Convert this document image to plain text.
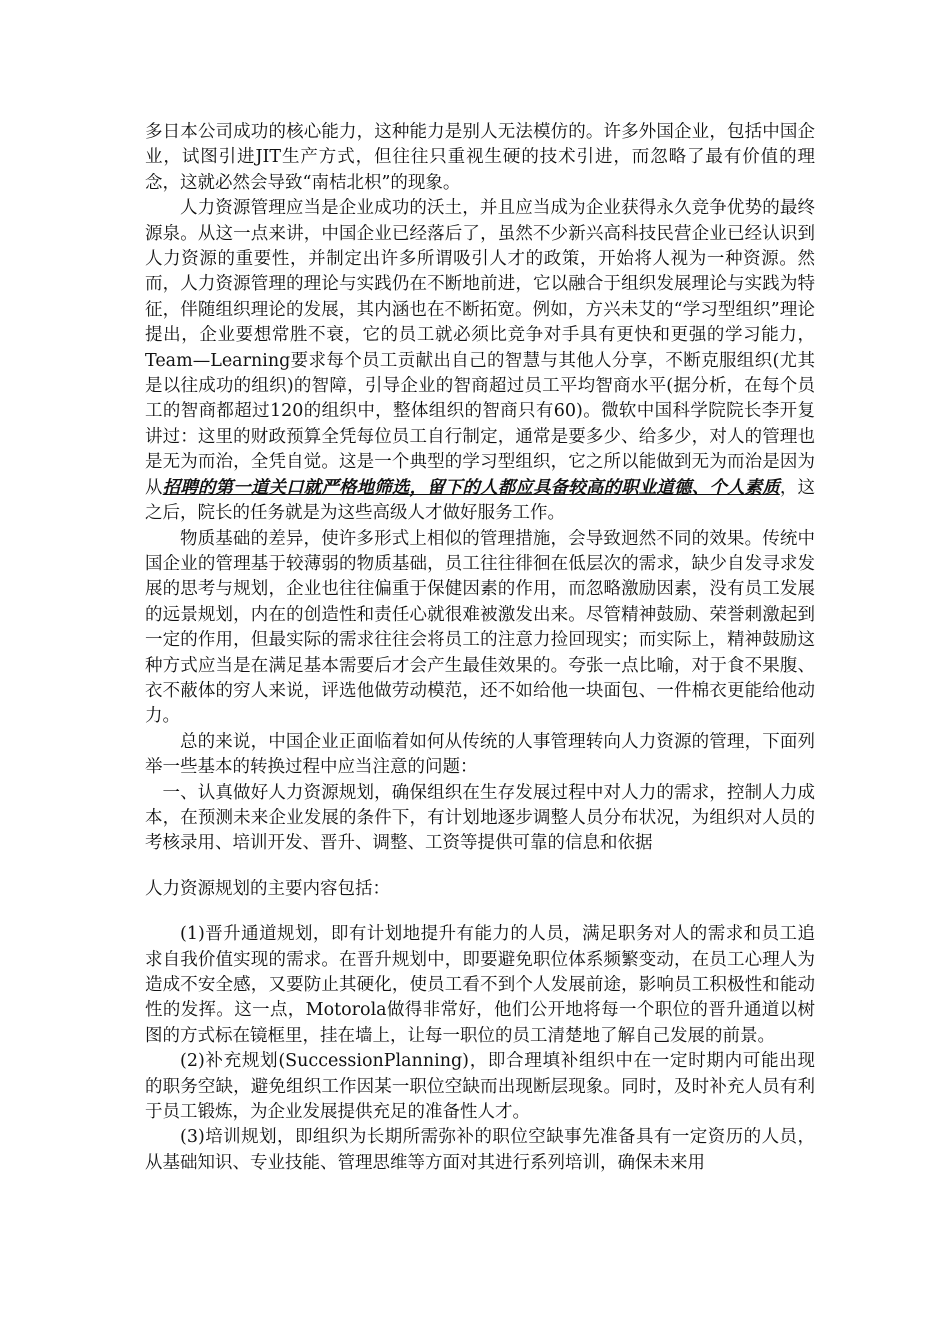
多日本公司成功的核心能力，这种能力是别人无法模仿的。许多外国企业，包括中国企业，试图引进JIT生产方式，但往往只重视生硬的技术引进，而忽略了最有价值的理念，这就必然会导致“南桔北枳”的现象。

人力资源管理应当是企业成功的沃土，并且应当成为企业获得永久竞争优势的最终源泉。从这一点来讲，中国企业已经落后了，虽然不少新兴高科技民营企业已经认识到人力资源的重要性，并制定出许多所谓吸引人才的政策，开始将人视为一种资源。然而，人力资源管理的理论与实践仍在不断地前进，它以融合于组织发展理论与实践为特征，伴随组织理论的发展，其内涵也在不断拓宽。例如，方兴未艾的“学习型组织”理论提出，企业要想常胜不衰，它的员工就必须比竞争对手具有更快和更强的学习能力，Team—Learning要求每个员工贡献出自己的智慧与其他人分享，不断克服组织(尤其是以往成功的组织)的智障，引导企业的智商超过员工平均智商水平(据分析，在每个员工的智商都超过120的组织中，整体组织的智商只有60)。微软中国科学院院长李开复讲过：这里的财政预算全凭每位员工自行制定，通常是要多少、给多少，对人的管理也是无为而治，全凭自觉。这是一个典型的学习型组织，它之所以能做到无为而治是因为从招聘的第一道关口就严格地筛选，留下的人都应具备较高的职业道德、个人素质，这之后，院长的任务就是为这些高级人才做好服务工作。

物质基础的差异，使许多形式上相似的管理措施，会导致迥然不同的效果。传统中国企业的管理基于较薄弱的物质基础，员工往往徘徊在低层次的需求，缺少自发寻求发展的思考与规划，企业也往往偏重于保健因素的作用，而忽略激励因素，没有员工发展的远景规划，内在的创造性和责任心就很难被激发出来。尽管精神鼓励、荣誉刺激起到一定的作用，但最实际的需求往往会将员工的注意力捡回现实；而实际上，精神鼓励这种方式应当是在满足基本需要后才会产生最佳效果的。夸张一点比喻，对于食不果腹、衣不蔽体的穷人来说，评选他做劳动模范，还不如给他一块面包、一件棉衣更能给他动力。

总的来说，中国企业正面临着如何从传统的人事管理转向人力资源的管理，下面列举一些基本的转换过程中应当注意的问题：

一、认真做好人力资源规划，确保组织在生存发展过程中对人力的需求，控制人力成本，在预测未来企业发展的条件下，有计划地逐步调整人员分布状况，为组织对人员的考核录用、培训开发、晋升、调整、工资等提供可靠的信息和依据

人力资源规划的主要内容包括：

(1)晋升通道规划，即有计划地提升有能力的人员，满足职务对人的需求和员工追求自我价值实现的需求。在晋升规划中，即要避免职位体系频繁变动，在员工心理人为造成不安全感，又要防止其硬化，使员工看不到个人发展前途，影响员工积极性和能动性的发挥。这一点，Motorola做得非常好，他们公开地将每一个职位的晋升通道以树图的方式标在镜框里，挂在墙上，让每一职位的员工清楚地了解自己发展的前景。

(2)补充规划(SuccessionPlanning)，即合理填补组织中在一定时期内可能出现的职务空缺，避免组织工作因某一职位空缺而出现断层现象。同时，及时补充人员有利于员工锻炼，为企业发展提供充足的准备性人才。

(3)培训规划，即组织为长期所需弥补的职位空缺事先准备具有一定资历的人员，从基础知识、专业技能、管理思维等方面对其进行系列培训，确保未来用
